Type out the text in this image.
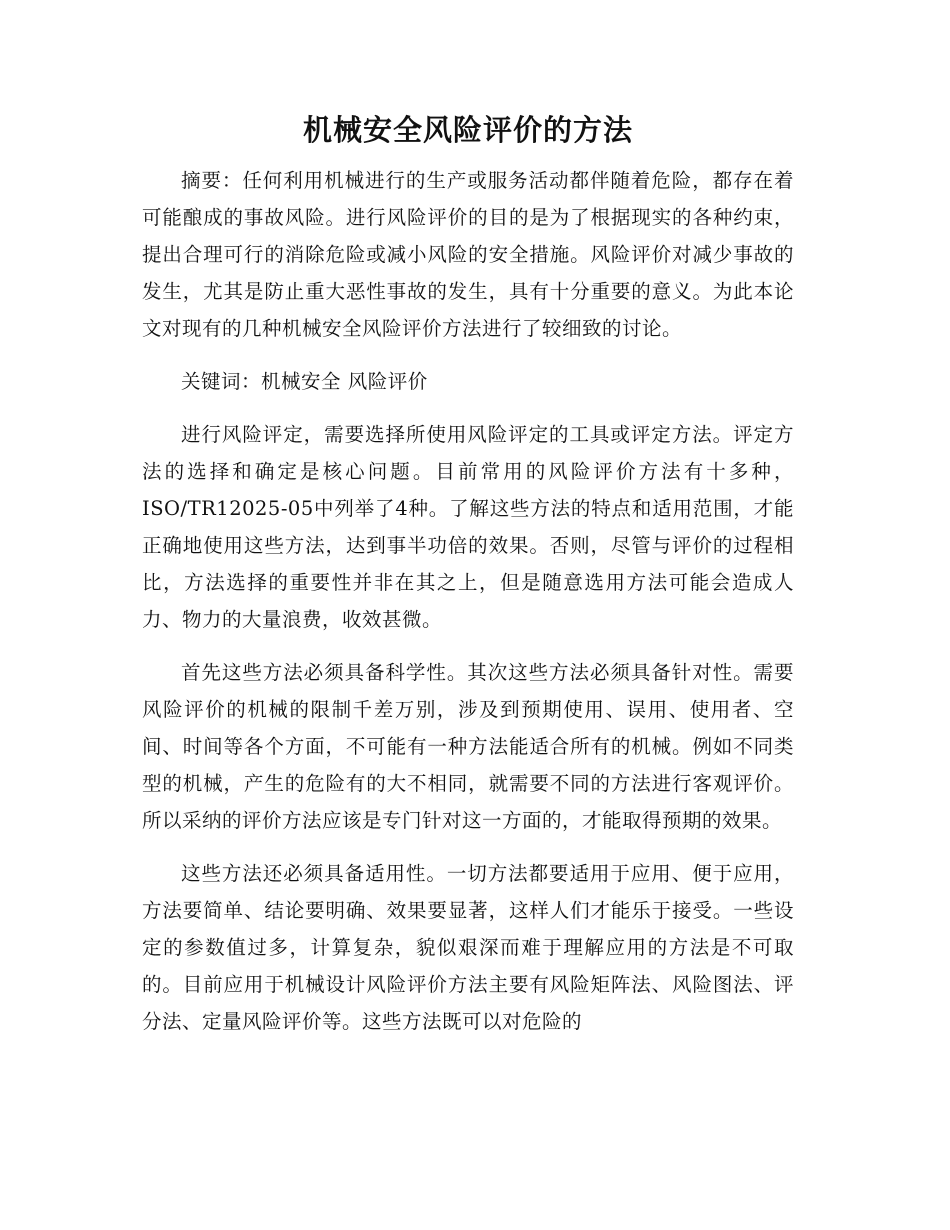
机械安全风险评价的方法

摘要：任何利用机械进行的生产或服务活动都伴随着危险，都存在着可能酿成的事故风险。进行风险评价的目的是为了根据现实的各种约束，提出合理可行的消除危险或减小风险的安全措施。风险评价对减少事故的发生，尤其是防止重大恶性事故的发生，具有十分重要的意义。为此本论文对现有的几种机械安全风险评价方法进行了较细致的讨论。

关键词：机械安全 风险评价

进行风险评定，需要选择所使用风险评定的工具或评定方法。评定方法的选择和确定是核心问题。目前常用的风险评价方法有十多种，ISO/TR12025-05中列举了4种。了解这些方法的特点和适用范围，才能正确地使用这些方法，达到事半功倍的效果。否则，尽管与评价的过程相比，方法选择的重要性并非在其之上，但是随意选用方法可能会造成人力、物力的大量浪费，收效甚微。

首先这些方法必须具备科学性。其次这些方法必须具备针对性。需要风险评价的机械的限制千差万别，涉及到预期使用、误用、使用者、空间、时间等各个方面，不可能有一种方法能适合所有的机械。例如不同类型的机械，产生的危险有的大不相同，就需要不同的方法进行客观评价。所以采纳的评价方法应该是专门针对这一方面的，才能取得预期的效果。

这些方法还必须具备适用性。一切方法都要适用于应用、便于应用，方法要简单、结论要明确、效果要显著，这样人们才能乐于接受。一些设定的参数值过多，计算复杂，貌似艰深而难于理解应用的方法是不可取的。目前应用于机械设计风险评价方法主要有风险矩阵法、风险图法、评分法、定量风险评价等。这些方法既可以对危险的
